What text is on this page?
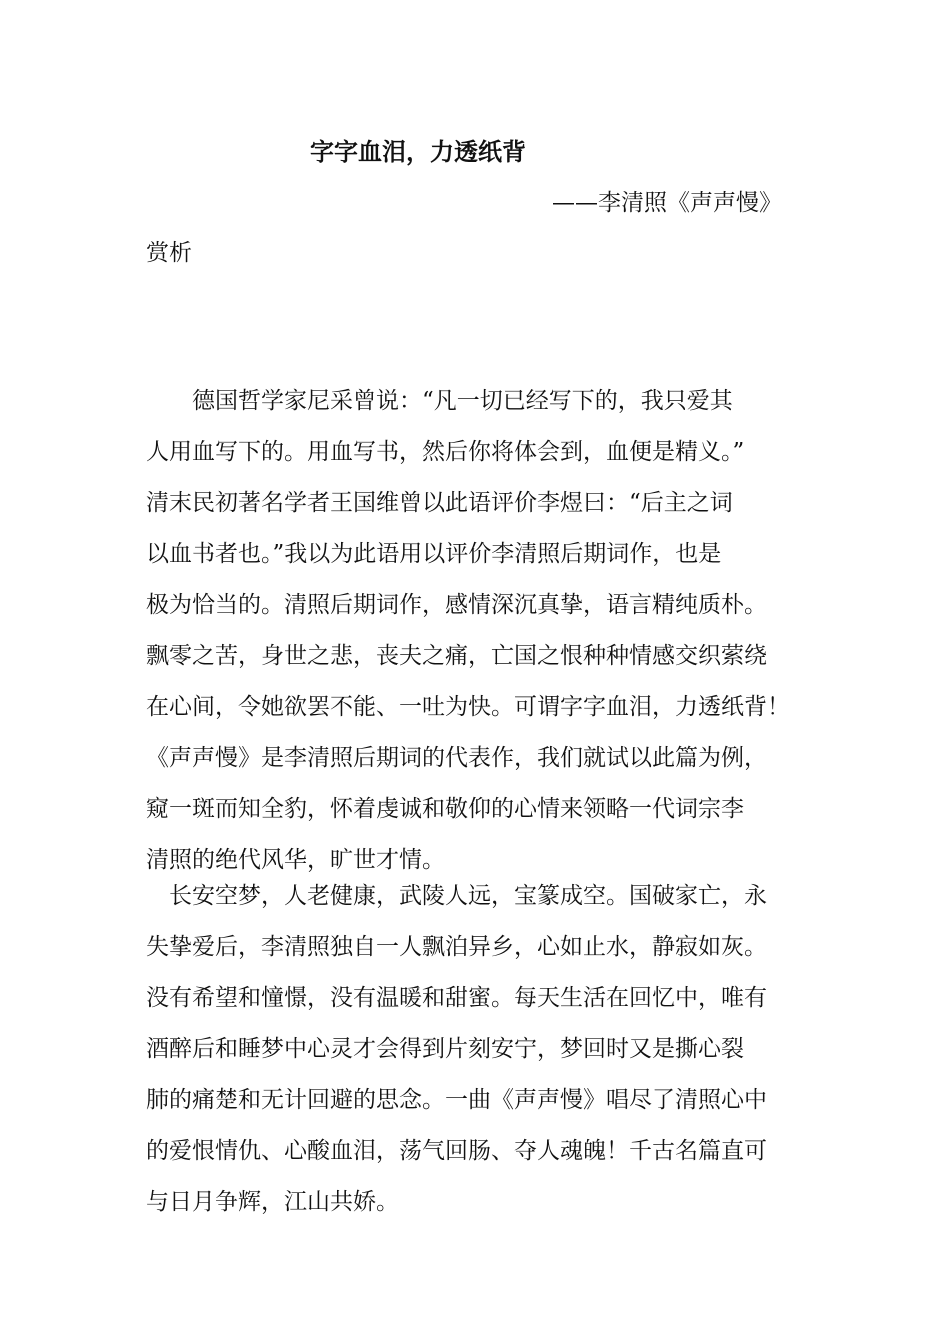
字字血泪，力透纸背
——李清照《声声慢》
赏析
　　德国哲学家尼采曾说：“凡一切已经写下的，我只爱其
人用血写下的。用血写书，然后你将体会到，血便是精义。”
清末民初著名学者王国维曾以此语评价李煜曰：“后主之词
以血书者也。”我以为此语用以评价李清照后期词作，也是
极为恰当的。清照后期词作，感情深沉真挚，语言精纯质朴。
飘零之苦，身世之悲，丧夫之痛，亡国之恨种种情感交织萦绕
在心间，令她欲罢不能、一吐为快。可谓字字血泪，力透纸背！
《声声慢》是李清照后期词的代表作，我们就试以此篇为例，
窥一斑而知全豹，怀着虔诚和敬仰的心情来领略一代词宗李
清照的绝代风华，旷世才情。
　长安空梦，人老健康，武陵人远，宝篆成空。国破家亡，永
失挚爱后，李清照独自一人飘泊异乡，心如止水，静寂如灰。
没有希望和憧憬，没有温暖和甜蜜。每天生活在回忆中，唯有
酒醉后和睡梦中心灵才会得到片刻安宁，梦回时又是撕心裂
肺的痛楚和无计回避的思念。一曲《声声慢》唱尽了清照心中
的爱恨情仇、心酸血泪，荡气回肠、夺人魂魄！千古名篇直可
与日月争辉，江山共娇。
